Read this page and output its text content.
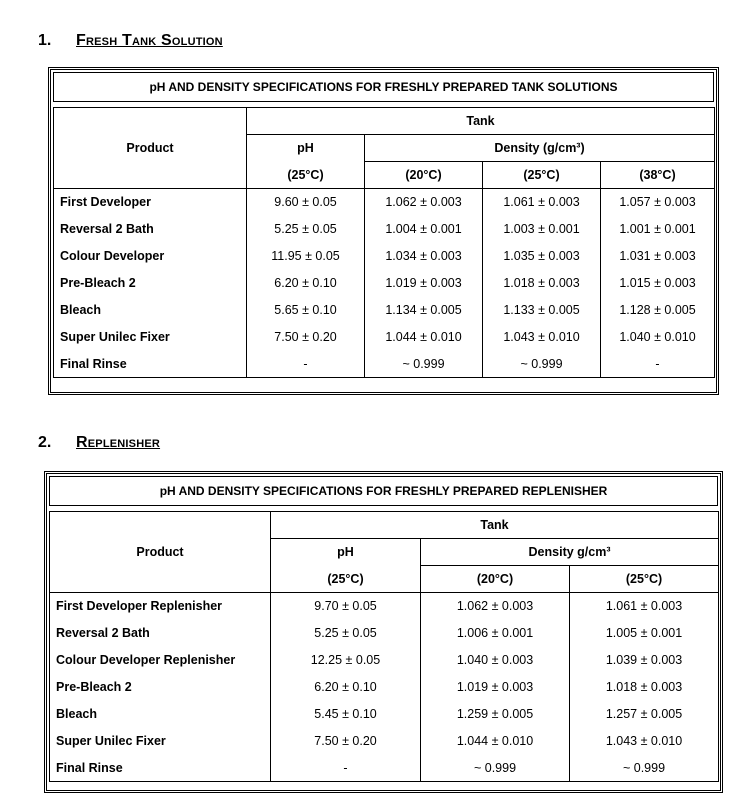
1.	Fresh Tank Solution
pH AND DENSITY SPECIFICATIONS FOR FRESHLY PREPARED TANK SOLUTIONS
	Tank			
Product	pH	Density (g/cm³)		
	(25°C)	(20°C)	(25°C)	(38°C)
First Developer	9.60 ± 0.05	1.062 ± 0.003	1.061 ± 0.003	1.057 ± 0.003
Reversal 2 Bath	5.25 ± 0.05	1.004 ± 0.001	1.003 ± 0.001	1.001 ± 0.001
Colour Developer	11.95 ± 0.05	1.034 ± 0.003	1.035 ± 0.003	1.031 ± 0.003
Pre-Bleach 2	6.20 ± 0.10	1.019 ± 0.003	1.018 ± 0.003	1.015 ± 0.003
Bleach	5.65 ± 0.10	1.134 ± 0.005	1.133 ± 0.005	1.128 ± 0.005
Super Unilec Fixer	7.50 ± 0.20	1.044 ± 0.010	1.043 ± 0.010	1.040 ± 0.010
Final Rinse	-	~ 0.999	~ 0.999	-
2.	Replenisher
pH AND DENSITY SPECIFICATIONS FOR FRESHLY PREPARED REPLENISHER
	Tank		
Product	pH	Density g/cm³	
	(25°C)	(20°C)	(25°C)
First Developer Replenisher	9.70 ± 0.05	1.062 ± 0.003	1.061 ± 0.003
Reversal 2 Bath	5.25 ± 0.05	1.006 ± 0.001	1.005 ± 0.001
Colour Developer Replenisher	12.25 ± 0.05	1.040 ± 0.003	1.039 ± 0.003
Pre-Bleach 2	6.20 ± 0.10	1.019 ± 0.003	1.018 ± 0.003
Bleach	5.45 ± 0.10	1.259 ± 0.005	1.257 ± 0.005
Super Unilec Fixer	7.50 ± 0.20	1.044 ± 0.010	1.043 ± 0.010
Final Rinse	-	~ 0.999	~ 0.999
